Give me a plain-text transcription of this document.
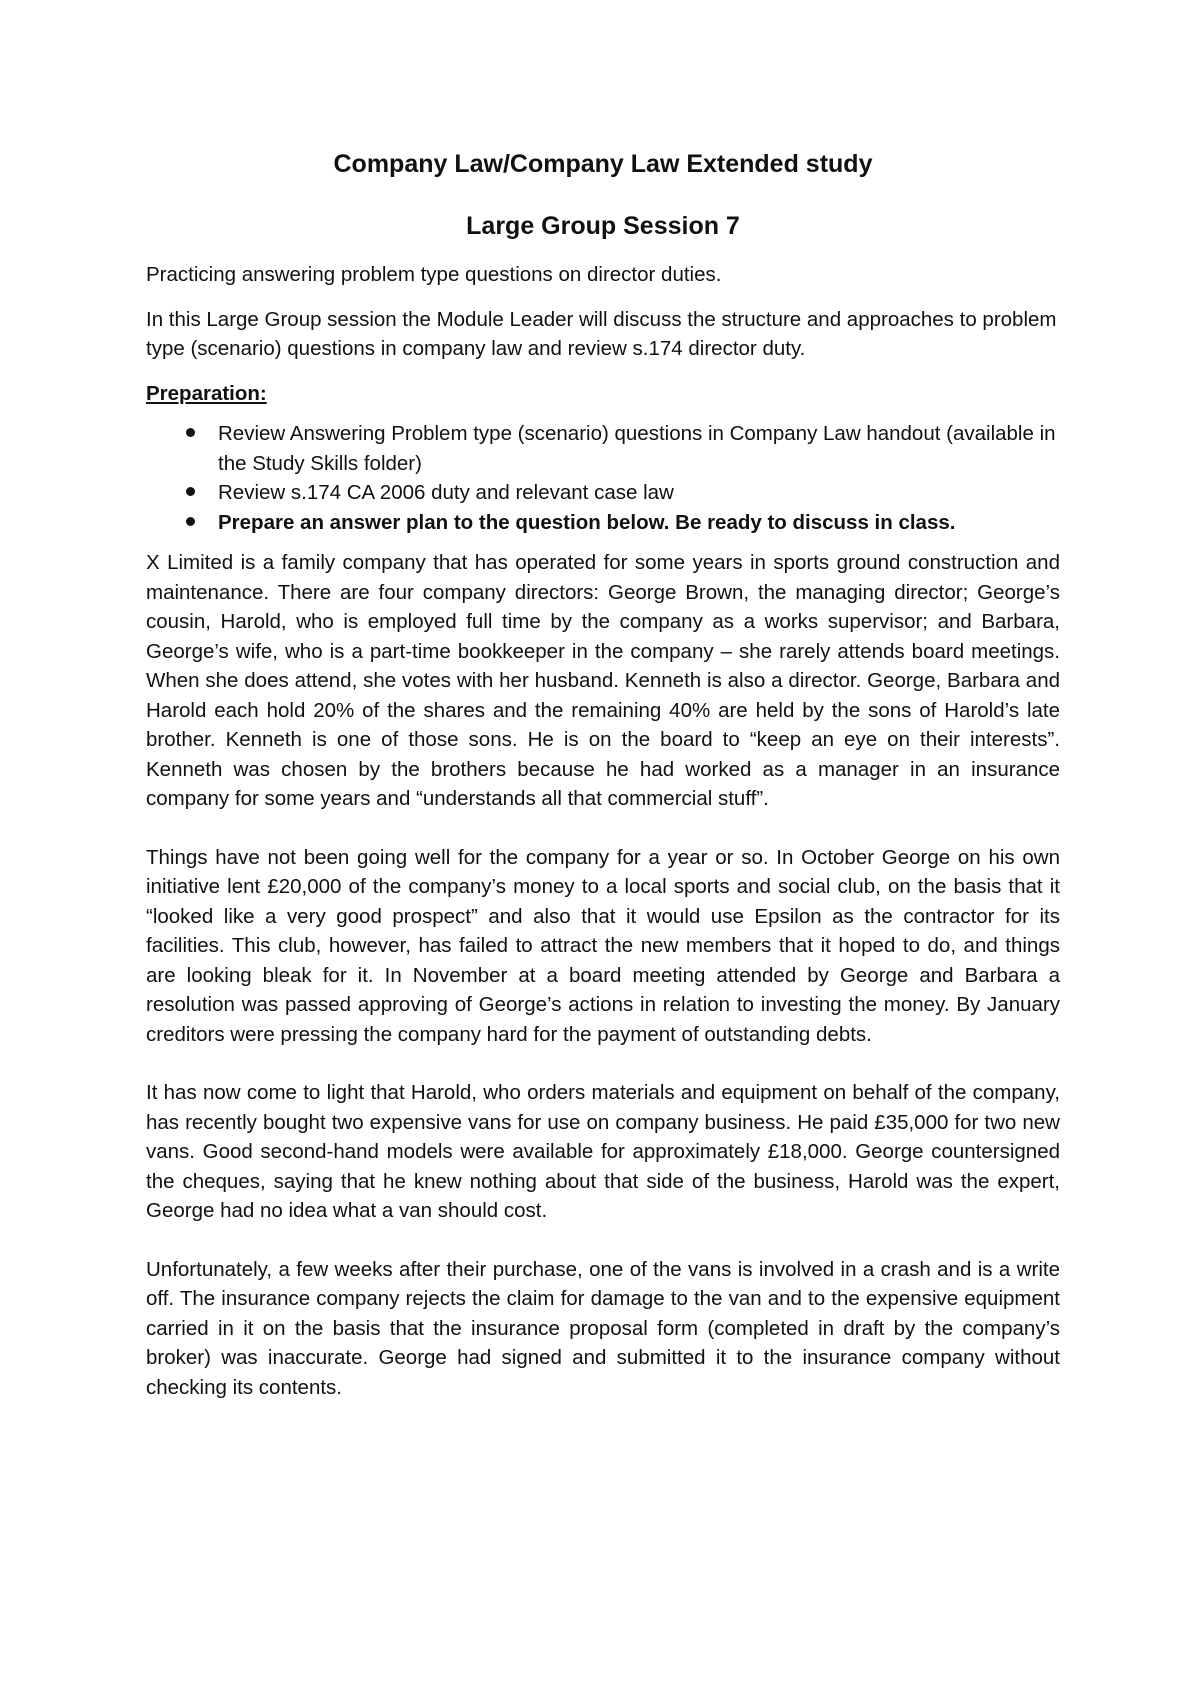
Company Law/Company Law Extended study
Large Group Session 7

Practicing answering problem type questions on director duties.

In this Large Group session the Module Leader will discuss the structure and approaches to problem type (scenario) questions in company law and review s.174 director duty.

Preparation:

Review Answering Problem type (scenario) questions in Company Law handout (available in the Study Skills folder)
Review s.174 CA 2006 duty and relevant case law
Prepare an answer plan to the question below. Be ready to discuss in class.

X Limited is a family company that has operated for some years in sports ground construction and maintenance. There are four company directors: George Brown, the managing director; George’s cousin, Harold, who is employed full time by the company as a works supervisor; and Barbara, George’s wife, who is a part-time bookkeeper in the company – she rarely attends board meetings. When she does attend, she votes with her husband. Kenneth is also a director. George, Barbara and Harold each hold 20% of the shares and the remaining 40% are held by the sons of Harold’s late brother. Kenneth is one of those sons. He is on the board to “keep an eye on their interests”. Kenneth was chosen by the brothers because he had worked as a manager in an insurance company for some years and “understands all that commercial stuff”.

Things have not been going well for the company for a year or so. In October George on his own initiative lent £20,000 of the company’s money to a local sports and social club, on the basis that it “looked like a very good prospect” and also that it would use Epsilon as the contractor for its facilities. This club, however, has failed to attract the new members that it hoped to do, and things are looking bleak for it. In November at a board meeting attended by George and Barbara a resolution was passed approving of George’s actions in relation to investing the money. By January creditors were pressing the company hard for the payment of outstanding debts.

It has now come to light that Harold, who orders materials and equipment on behalf of the company, has recently bought two expensive vans for use on company business. He paid £35,000 for two new vans. Good second-hand models were available for approximately £18,000. George countersigned the cheques, saying that he knew nothing about that side of the business, Harold was the expert, George had no idea what a van should cost.

Unfortunately, a few weeks after their purchase, one of the vans is involved in a crash and is a write off. The insurance company rejects the claim for damage to the van and to the expensive equipment carried in it on the basis that the insurance proposal form (completed in draft by the company’s broker) was inaccurate. George had signed and submitted it to the insurance company without checking its contents.
